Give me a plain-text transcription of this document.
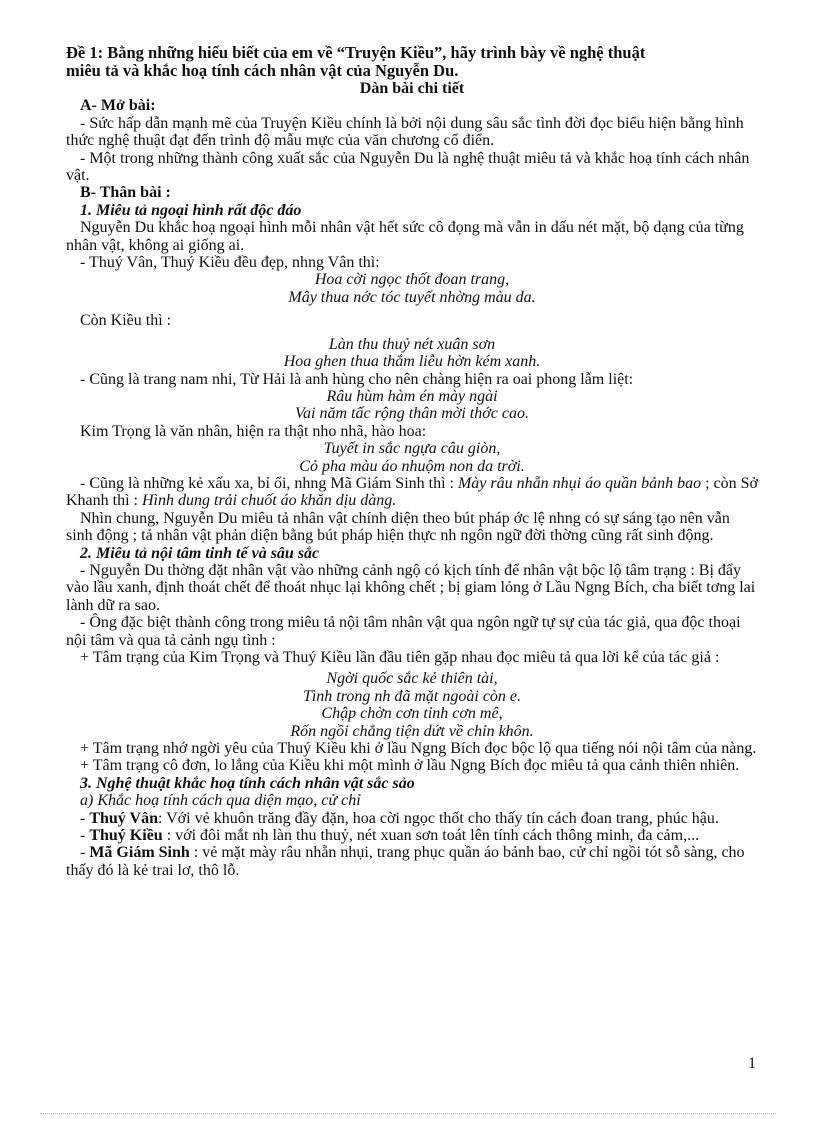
Đề 1: Bằng những hiểu biết của em về “Truyện Kiều”, hãy trình bày về nghệ thuật
miêu tả và khắc hoạ tính cách nhân vật của Nguyễn Du.

Dàn bài chi tiết

A- Mở bài:

- Sức hấp dẫn mạnh mẽ của Truyện Kiều chính là bởi nội dung sâu sắc tình đời đọc biểu hiện bằng hình thức nghệ thuật đạt đến trình độ mẫu mực của văn chương cổ điển.

- Một trong những thành công xuất sắc của Nguyễn Du là nghệ thuật miêu tả và khắc hoạ tính cách nhân vật.

B- Thân bài :

1. Miêu tả ngoại hình rất độc đáo

Nguyễn Du khắc hoạ ngoại hình mỗi nhân vật hết sức cô đọng mà vẫn in dấu nét mặt, bộ dạng của từng nhân vật, không ai giống ai.

- Thuý Vân, Thuý Kiều đều đẹp, nhng Vân thì:

Hoa cời ngọc thốt đoan trang,

Mây thua nớc tóc tuyết nhờng màu da.

Còn Kiều thì :

Làn thu thuỷ nét xuân sơn

Hoa ghen thua thắm liễu hờn kém xanh.

- Cũng là trang nam nhi, Từ Hải là anh hùng cho nên chàng hiện ra oai phong lẫm liệt:

Râu hùm hàm én mày ngài

Vai năm tấc rộng thân mời thớc cao.

Kim Trọng là văn nhân, hiện ra thật nho nhã, hào hoa:

Tuyết in sắc ngựa câu giòn,

Cỏ pha màu áo nhuộm non da trời.

- Cũng là những kẻ xấu xa, bỉ ổi, nhng Mã Giám Sinh thì : Mày râu nhẵn nhụi áo quần bảnh bao ; còn Sở Khanh thì : Hình dung trải chuốt áo khăn dịu dàng.

Nhìn chung, Nguyễn Du miêu tả nhân vật chính diện theo bút pháp ớc lệ nhng có sự sáng tạo nên vẫn sinh động ; tả nhân vật phản diện bằng bút pháp hiện thực nh ngôn ngữ đời thờng cũng rất sinh động.

2. Miêu tả nội tâm tinh tế và sâu sắc

- Nguyễn Du thờng đặt nhân vật vào những cảnh ngộ có kịch tính để nhân vật bộc lộ tâm trạng : Bị đẩy vào lầu xanh, định thoát chết để thoát nhục lại không chết ; bị giam lỏng ở Lầu Ngng Bích, cha biết tơng lai lành dữ ra sao.

- Ông đặc biệt thành công trong miêu tả nội tâm nhân vật qua ngôn ngữ tự sự của tác giả, qua độc thoại nội tâm và qua tả cảnh ngụ tình :

+ Tâm trạng của Kim Trọng và Thuý Kiều lần đầu tiên gặp nhau đọc miêu tả qua lời kể của tác giả :

Ngời quốc sắc kẻ thiên tài,

Tình trong nh đã mặt ngoài còn e.

Chập chờn cơn tỉnh cơn mê,

Rốn ngồi chẳng tiện dứt về chỉn khôn.

+ Tâm trạng nhớ ngời yêu của Thuý Kiều khi ở lầu Ngng Bích đọc bộc lộ qua tiếng nói nội tâm của nàng.

+ Tâm trạng cô đơn, lo lắng của Kiều khi một mình ở lầu Ngng Bích đọc miêu tả qua cảnh thiên nhiên.

3. Nghệ thuật khắc hoạ tính cách nhân vật sắc sảo

a) Khắc hoạ tính cách qua diện mạo, cử chỉ

- Thuý Vân: Với vẻ khuôn trăng đầy đặn, hoa cời ngọc thốt cho thấy tín cách đoan trang, phúc hậu.

- Thuý Kiều : với đôi mắt nh làn thu thuỷ, nét xuan sơn toát lên tính cách thông minh, đa cảm,...

- Mã Giám Sinh : vẻ mặt mày râu nhẵn nhụi, trang phục quần áo bảnh bao, cử chỉ ngồi tót sỗ sàng, cho thấy đó là kẻ trai lơ, thô lỗ.

1
